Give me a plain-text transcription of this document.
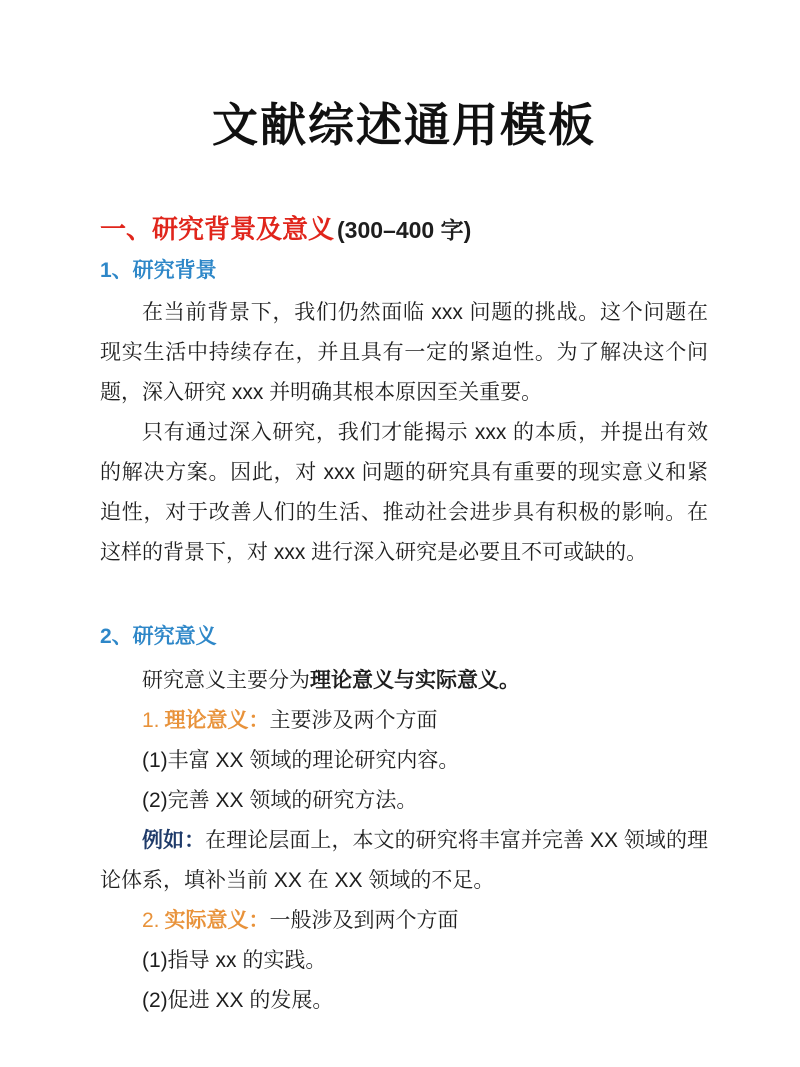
文献综述通用模板
一、研究背景及意义 (300–400 字)
1、研究背景

在当前背景下，我们仍然面临 xxx 问题的挑战。这个问题在现实生活中持续存在，并且具有一定的紧迫性。为了解决这个问题，深入研究 xxx 并明确其根本原因至关重要。

只有通过深入研究，我们才能揭示 xxx 的本质，并提出有效的解决方案。因此，对 xxx 问题的研究具有重要的现实意义和紧迫性，对于改善人们的生活、推动社会进步具有积极的影响。在这样的背景下，对 xxx 进行深入研究是必要且不可或缺的。

2、研究意义

研究意义主要分为理论意义与实际意义。

1. 理论意义：主要涉及两个方面

(1)丰富 XX 领域的理论研究内容。

(2)完善 XX 领域的研究方法。

例如：在理论层面上，本文的研究将丰富并完善 XX 领域的理论体系，填补当前 XX 在 XX 领域的不足。

2. 实际意义：一般涉及到两个方面

(1)指导 xx 的实践。

(2)促进 XX 的发展。
